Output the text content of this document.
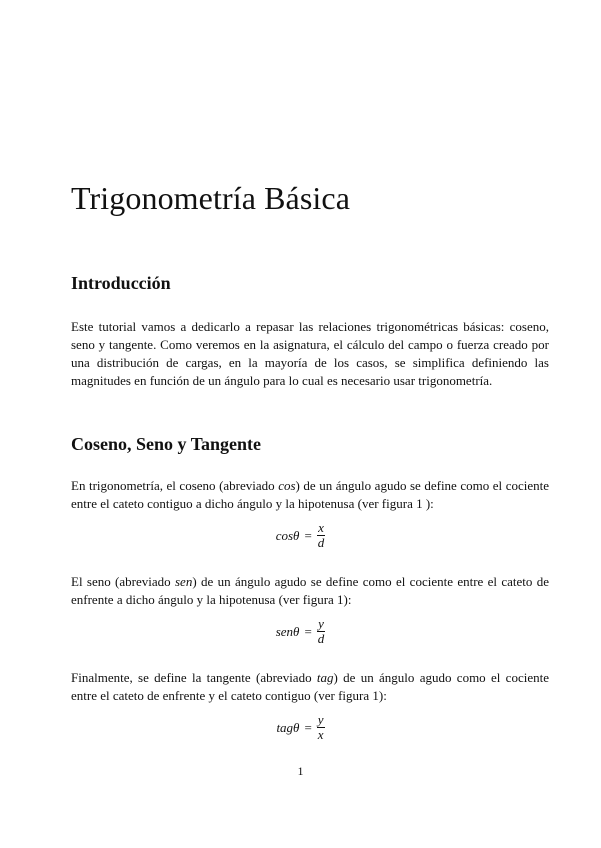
Trigonometría Básica
Introducción

Este tutorial vamos a dedicarlo a repasar las relaciones trigonométricas básicas: coseno, seno y tangente. Como veremos en la asignatura, el cálculo del campo o fuerza creado por una distribución de cargas, en la mayoría de los casos, se simplifica definiendo las magnitudes en función de un ángulo para lo cual es necesario usar trigonometría.

Coseno, Seno y Tangente

En trigonometría, el coseno (abreviado cos) de un ángulo agudo se define como el cociente entre el cateto contiguo a dicho ángulo y la hipotenusa (ver figura 1 ):

$\cos\theta = \frac{x}{d}$

El seno (abreviado sen) de un ángulo agudo se define como el cociente entre el cateto de enfrente a dicho ángulo y la hipotenusa (ver figura 1):

$sen\theta = \frac{y}{d}$

Finalmente, se define la tangente (abreviado tag) de un ángulo agudo como el cociente entre el cateto de enfrente y el cateto contiguo (ver figura 1):

$tag\theta = \frac{y}{x}$
1
